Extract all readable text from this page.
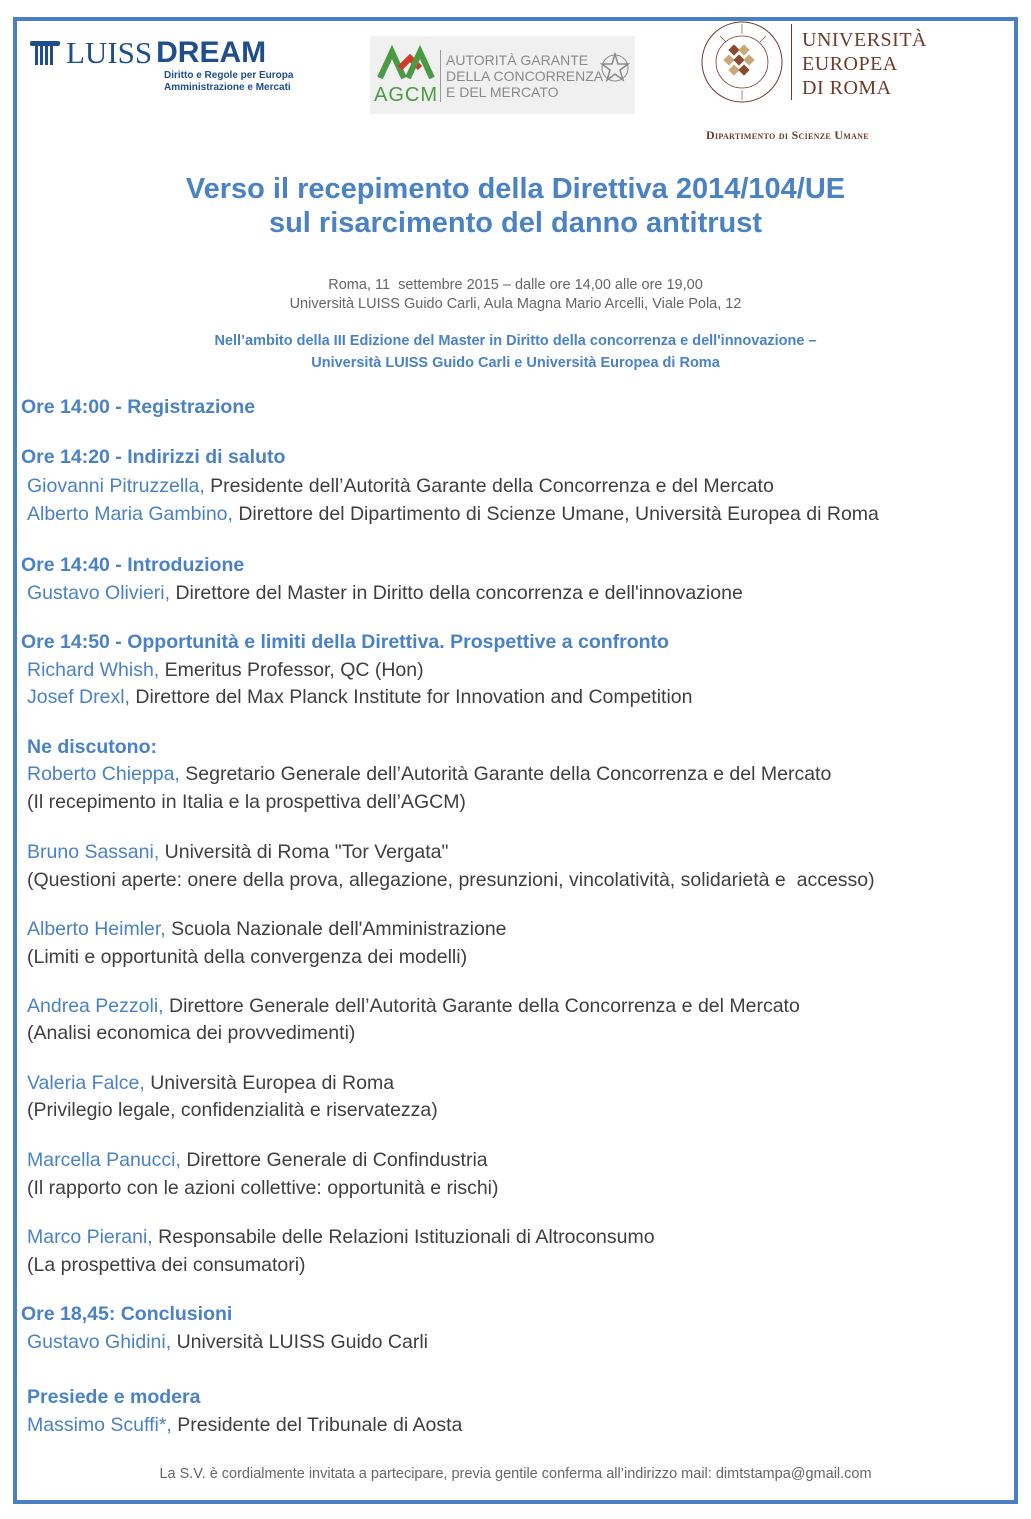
LUISS DREAM
Diritto e Regole per Europa
Amministrazione e Mercati	AGCM
AUTORITÀ GARANTE
DELLA CONCORRENZA
E DEL MERCATO
UNIVERSITÀ
EUROPEA
DI ROMA
Dipartimento di Scienze Umane
Verso il recepimento della Direttiva 2014/104/UE
sul risarcimento del danno antitrust
Roma, 11  settembre 2015 – dalle ore 14,00 alle ore 19,00
Università LUISS Guido Carli, Aula Magna Mario Arcelli, Viale Pola, 12
Nell’ambito della III Edizione del Master in Diritto della concorrenza e dell'innovazione –
Università LUISS Guido Carli e Università Europea di Roma
Ore 14:00 - Registrazione
Ore 14:20 - Indirizzi di saluto
Giovanni Pitruzzella, Presidente dell’Autorità Garante della Concorrenza e del Mercato
Alberto Maria Gambino, Direttore del Dipartimento di Scienze Umane, Università Europea di Roma
Ore 14:40 - Introduzione
Gustavo Olivieri, Direttore del Master in Diritto della concorrenza e dell'innovazione
Ore 14:50 - Opportunità e limiti della Direttiva. Prospettive a confronto
Richard Whish, Emeritus Professor, QC (Hon)
Josef Drexl, Direttore del Max Planck Institute for Innovation and Competition
Ne discutono:
Roberto Chieppa, Segretario Generale dell’Autorità Garante della Concorrenza e del Mercato
(Il recepimento in Italia e la prospettiva dell’AGCM)
Bruno Sassani, Università di Roma "Tor Vergata"
(Questioni aperte: onere della prova, allegazione, presunzioni, vincolatività, solidarietà e  accesso)
Alberto Heimler, Scuola Nazionale dell'Amministrazione
(Limiti e opportunità della convergenza dei modelli)
Andrea Pezzoli, Direttore Generale dell’Autorità Garante della Concorrenza e del Mercato
(Analisi economica dei provvedimenti)
Valeria Falce, Università Europea di Roma
(Privilegio legale, confidenzialità e riservatezza)
Marcella Panucci, Direttore Generale di Confindustria
(Il rapporto con le azioni collettive: opportunità e rischi)
Marco Pierani, Responsabile delle Relazioni Istituzionali di Altroconsumo
(La prospettiva dei consumatori)
Ore 18,45: Conclusioni
Gustavo Ghidini, Università LUISS Guido Carli
Presiede e modera
Massimo Scuffi*, Presidente del Tribunale di Aosta
La S.V. è cordialmente invitata a partecipare, previa gentile conferma all’indirizzo mail: dimtstampa@gmail.com
